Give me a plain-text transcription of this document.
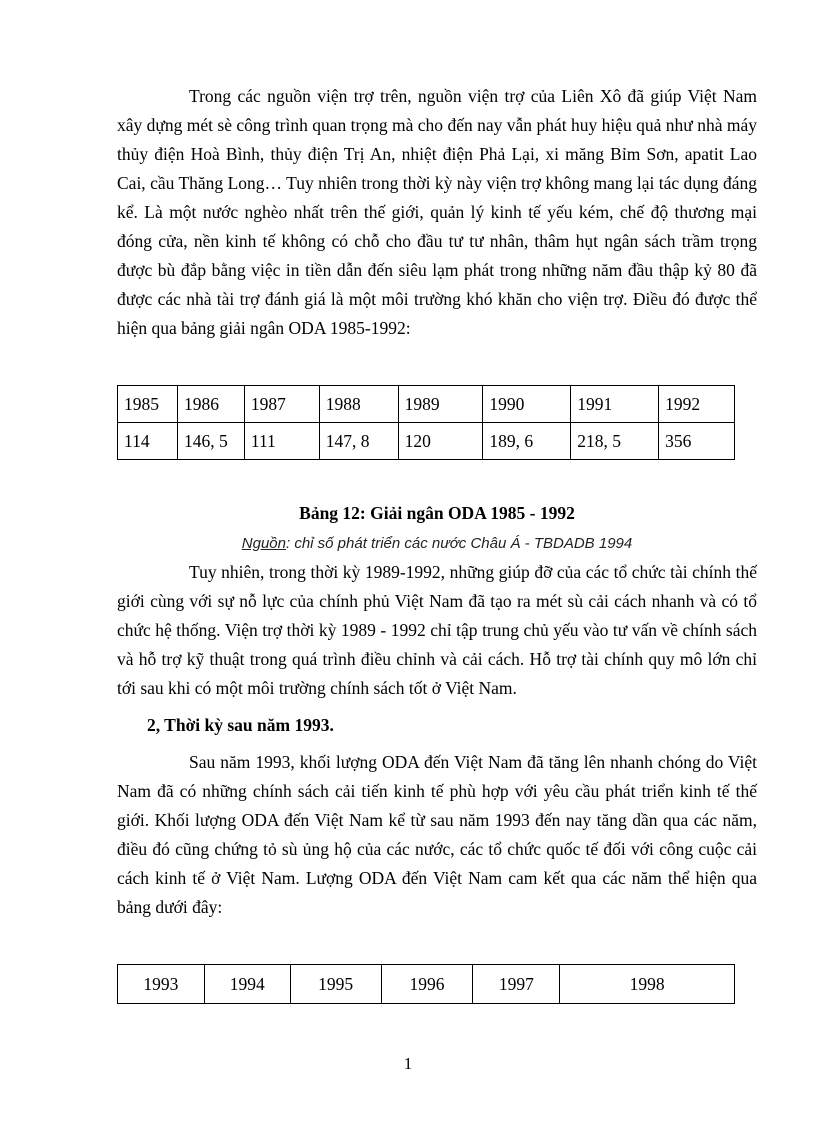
Trong các nguồn viện trợ trên, nguồn viện trợ của Liên Xô đã giúp Việt Nam xây dựng mét sè công trình quan trọng mà cho đến nay vẫn phát huy hiệu quả như nhà máy thủy điện Hoà Bình, thủy điện Trị An, nhiệt điện Phả Lại, xi măng Bỉm Sơn, apatit Lao Cai, cầu Thăng Long… Tuy nhiên trong thời kỳ này viện trợ không mang lại tác dụng đáng kể. Là một nước nghèo nhất trên thế giới, quản lý kinh tế yếu kém, chế độ thương mại đóng cửa, nền kinh tế không có chỗ cho đầu tư tư nhân, thâm hụt ngân sách trầm trọng được bù đắp bằng việc in tiền dẫn đến siêu lạm phát trong những năm đầu thập kỷ 80 đã được các nhà tài trợ đánh giá là một môi trường khó khăn cho viện trợ. Điều đó được thể hiện qua bảng giải ngân ODA 1985-1992:

1985	1986	1987	1988	1989	1990	1991	1992
114	146, 5	111	147, 8	120	189, 6	218, 5	356

Bảng 12: Giải ngân ODA 1985 - 1992

Nguồn: chỉ số phát triển các nước Châu Á - TBDADB 1994

Tuy nhiên, trong thời kỳ 1989-1992, những giúp đỡ của các tổ chức tài chính thế giới cùng với sự nỗ lực của chính phủ Việt Nam đã tạo ra mét sù cải cách nhanh và có tổ chức hệ thống. Viện trợ thời kỳ 1989 - 1992 chỉ tập trung chủ yếu vào tư vấn về chính sách và hỗ trợ kỹ thuật trong quá trình điều chỉnh và cải cách. Hỗ trợ tài chính quy mô lớn chỉ tới sau khi có một môi trường chính sách tốt ở Việt Nam.

2, Thời kỳ sau năm 1993.

Sau năm 1993, khối lượng ODA đến Việt Nam đã tăng lên nhanh chóng do Việt Nam đã có những chính sách cải tiến kinh tế phù hợp với yêu cầu phát triển kinh tế thế giới. Khối lượng ODA đến Việt Nam kể từ sau năm 1993 đến nay tăng dần qua các năm, điều đó cũng chứng tỏ sù ủng hộ của các nước, các tổ chức quốc tế đối với công cuộc cải cách kinh tế ở Việt Nam. Lượng ODA đến Việt Nam cam kết qua các năm thể hiện qua bảng dưới đây:

1993	1994	1995	1996	1997	1998
1
